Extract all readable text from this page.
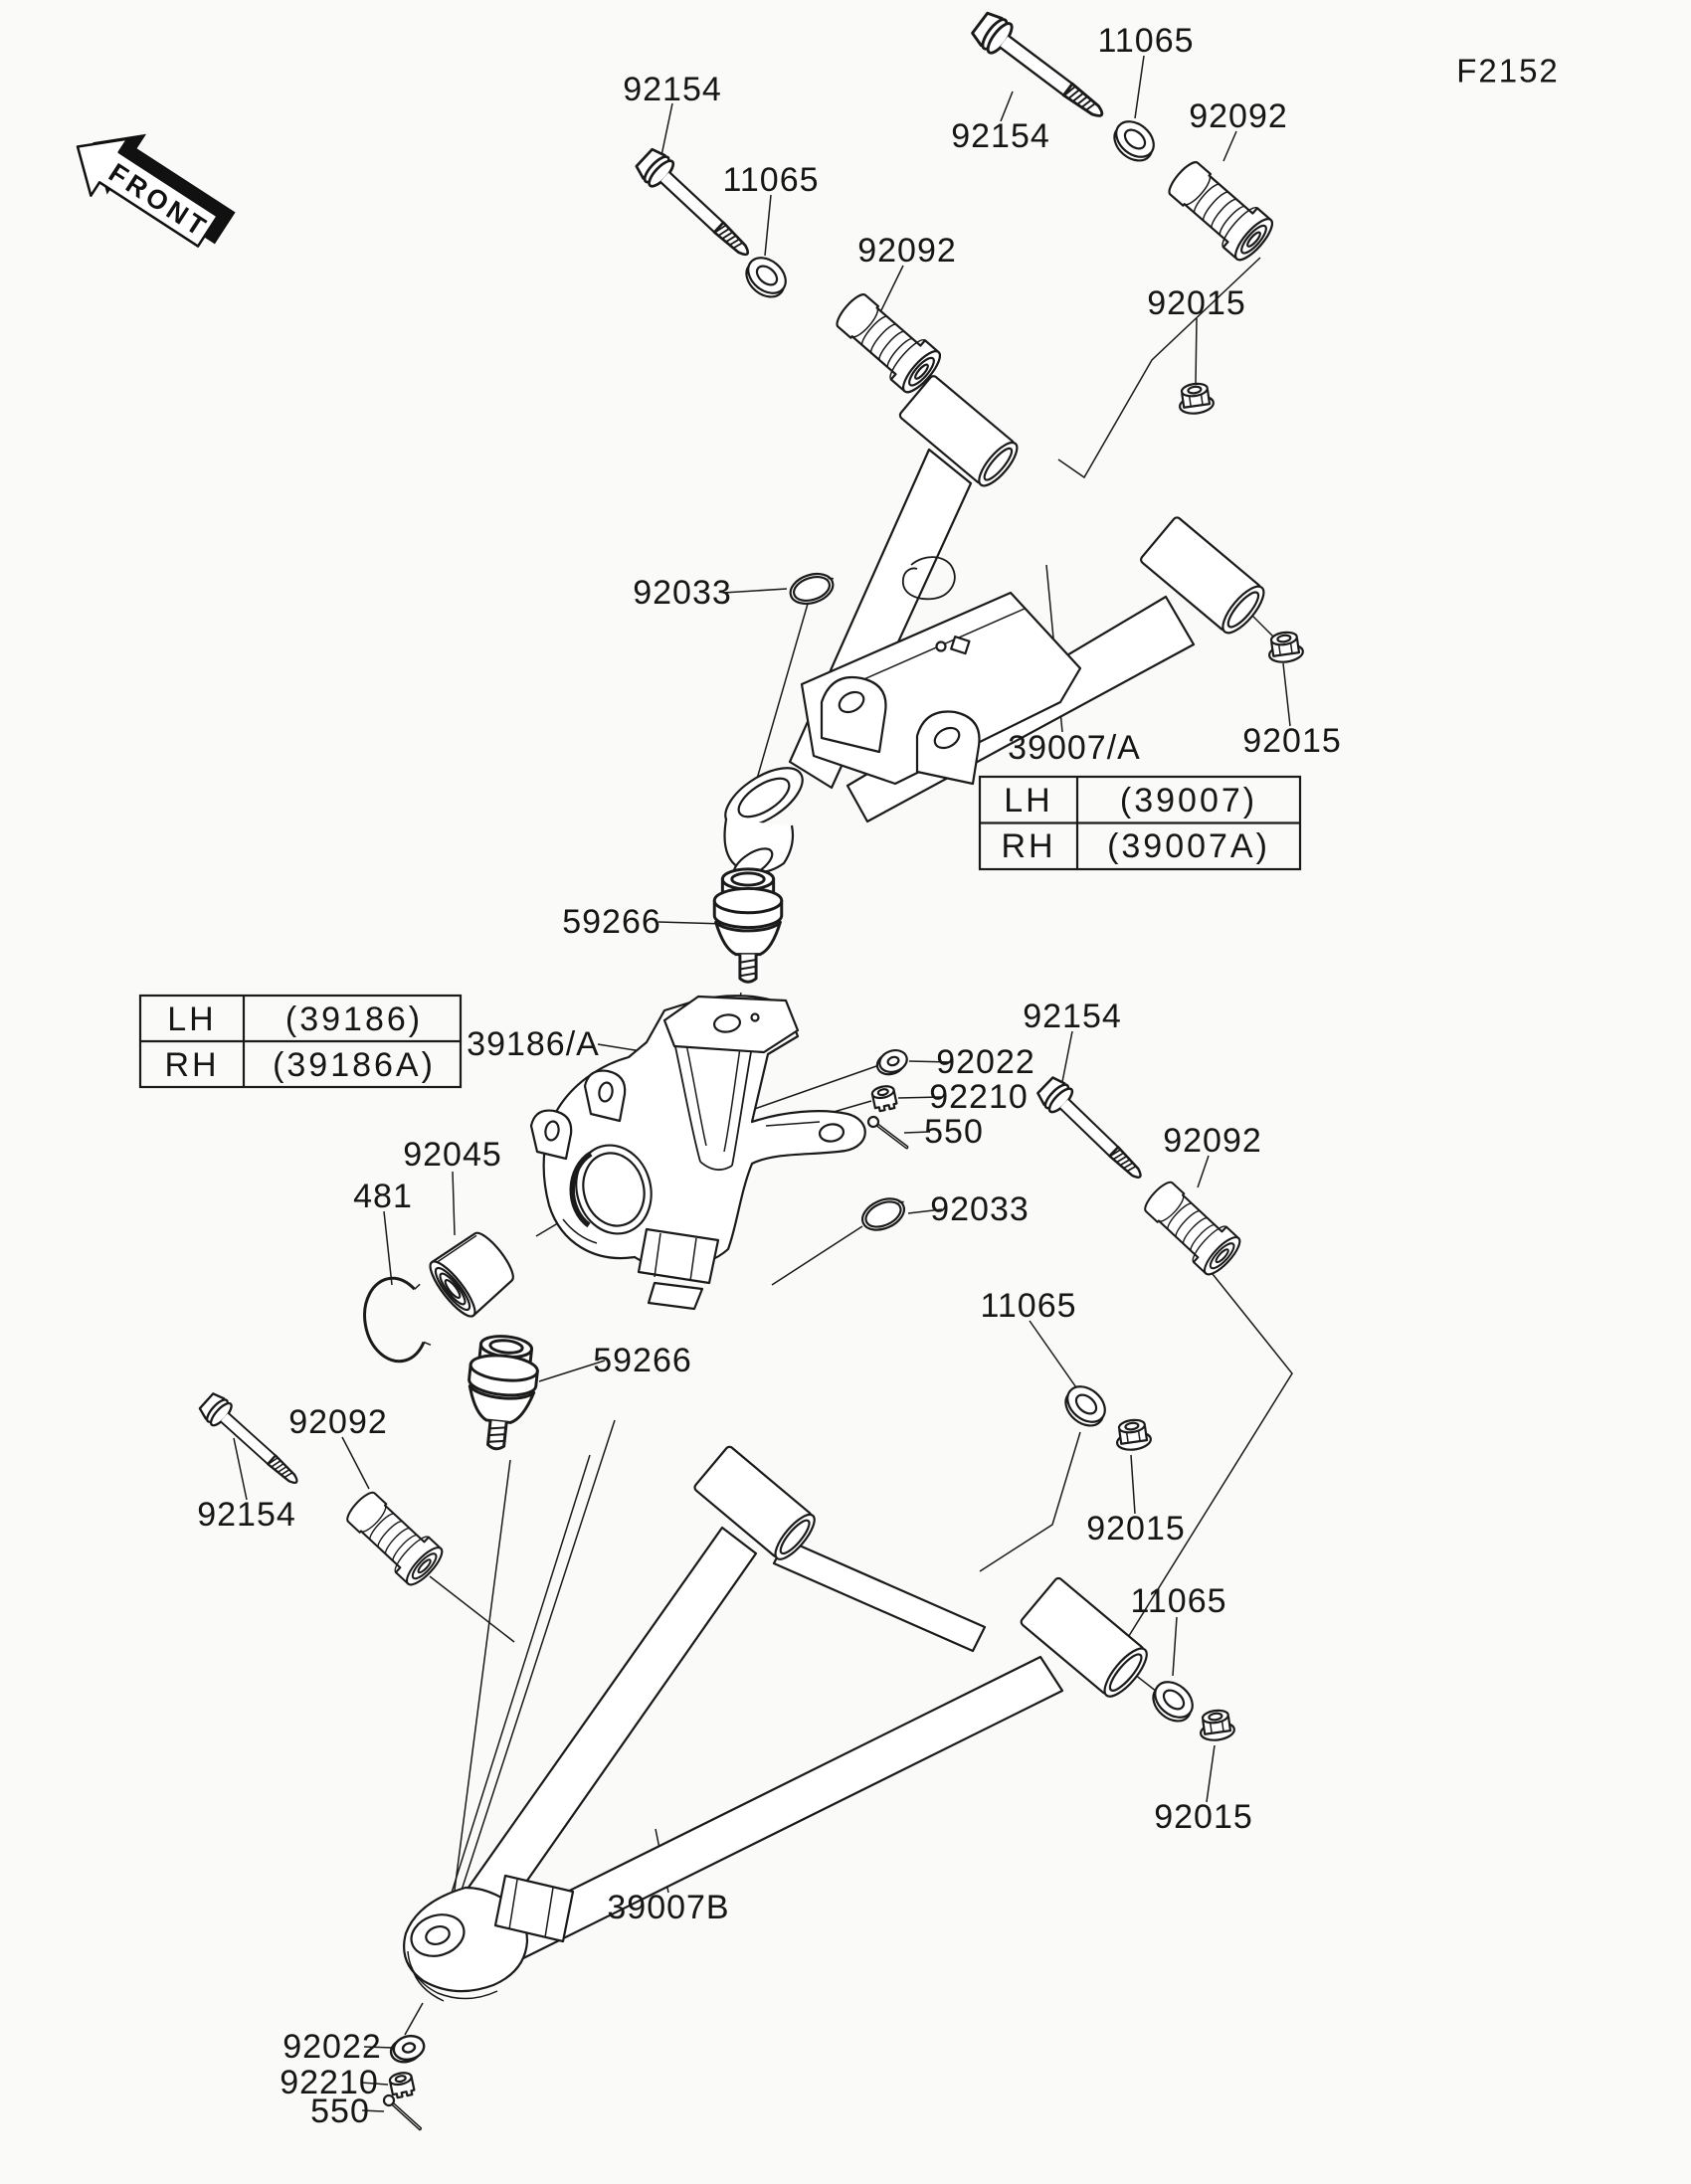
FRONT
F2152
92154
11065
92092
92154
11065
92092
92015
92033
39007/A	92015
59266
39186/A
92045
481
92022
92210
550
92154
92092
92033
11065
92015
59266
92154
92092
11065
92015
39007B
92022
92210
550
LH (39007)
RH (39007A)
LH (39186)
RH (39186A)
